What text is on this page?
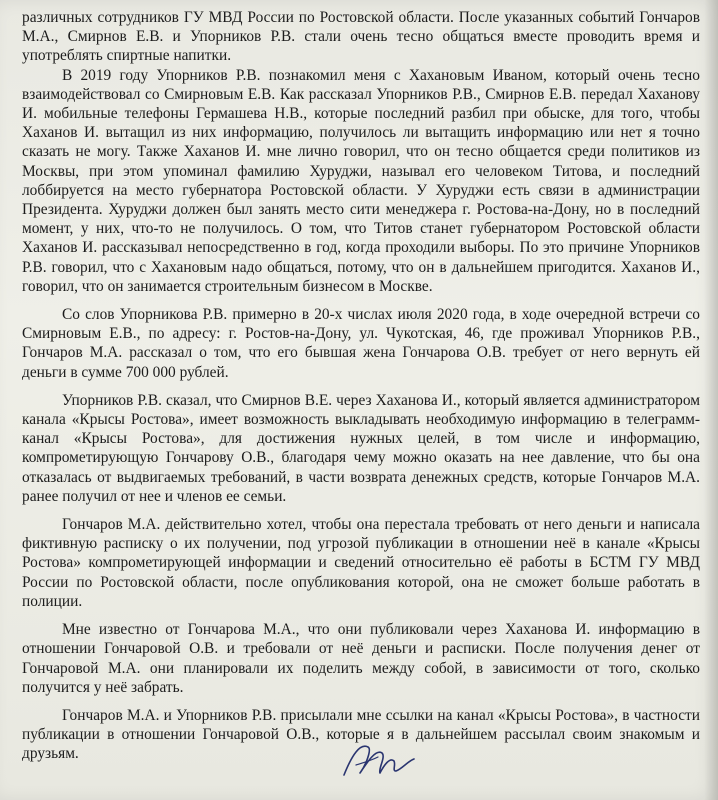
различных сотрудников ГУ МВД России по Ростовской области. После указанных событий Гончаров М.А., Смирнов Е.В. и Упорников Р.В. стали очень тесно общаться вместе проводить время и употреблять спиртные напитки.

В 2019 году Упорников Р.В. познакомил меня с Хахановым Иваном, который очень тесно взаимодействовал со Смирновым Е.В. Как рассказал Упорников Р.В., Смирнов Е.В. передал Хаханову И. мобильные телефоны Гермашева Н.В., которые последний разбил при обыске, для того, чтобы Хаханов И. вытащил из них информацию, получилось ли вытащить информацию или нет я точно сказать не могу. Также Хаханов И. мне лично говорил, что он тесно общается среди политиков из Москвы, при этом упоминал фамилию Хуруджи, называл его человеком Титова, и последний лоббируется на место губернатора Ростовской области. У Хуруджи есть связи в администрации Президента. Хуруджи должен был занять место сити менеджера г. Ростова-на-Дону, но в последний момент, у них, что-то не получилось. О том, что Титов станет губернатором Ростовской области Хаханов И. рассказывал непосредственно в год, когда проходили выборы. По это причине Упорников Р.В. говорил, что с Хахановым надо общаться, потому, что он в дальнейшем пригодится. Хаханов И., говорил, что он занимается строительным бизнесом в Москве.

Со слов Упорникова Р.В. примерно в 20-х числах июля 2020 года, в ходе очередной встречи со Смирновым Е.В., по адресу: г. Ростов-на-Дону, ул. Чукотская, 46, где проживал Упорников Р.В., Гончаров М.А. рассказал о том, что его бывшая жена Гончарова О.В. требует от него вернуть ей деньги в сумме 700 000 рублей.

Упорников Р.В. сказал, что Смирнов В.Е. через Хаханова И., который является администратором канала «Крысы Ростова», имеет возможность выкладывать необходимую информацию в телеграмм-канал «Крысы Ростова», для достижения нужных целей, в том числе и информацию, компрометирующую Гончарову О.В., благодаря чему можно оказать на нее давление, что бы она отказалась от выдвигаемых требований, в части возврата денежных средств, которые Гончаров М.А. ранее получил от нее и членов ее семьи.

Гончаров М.А. действительно хотел, чтобы она перестала требовать от него деньги и написала фиктивную расписку о их получении, под угрозой публикации в отношении неё в канале «Крысы Ростова» компрометирующей информации и сведений относительно её работы в БСТМ ГУ МВД России по Ростовской области, после опубликования которой, она не сможет больше работать в полиции.

Мне известно от Гончарова М.А., что они публиковали через Хаханова И. информацию в отношении Гончаровой О.В. и требовали от неё деньги и расписки. После получения денег от Гончаровой М.А. они планировали их поделить между собой, в зависимости от того, сколько получится у неё забрать.

Гончаров М.А. и Упорников Р.В. присылали мне ссылки на канал «Крысы Ростова», в частности публикации в отношении Гончаровой О.В., которые я в дальнейшем рассылал своим знакомым и друзьям.
